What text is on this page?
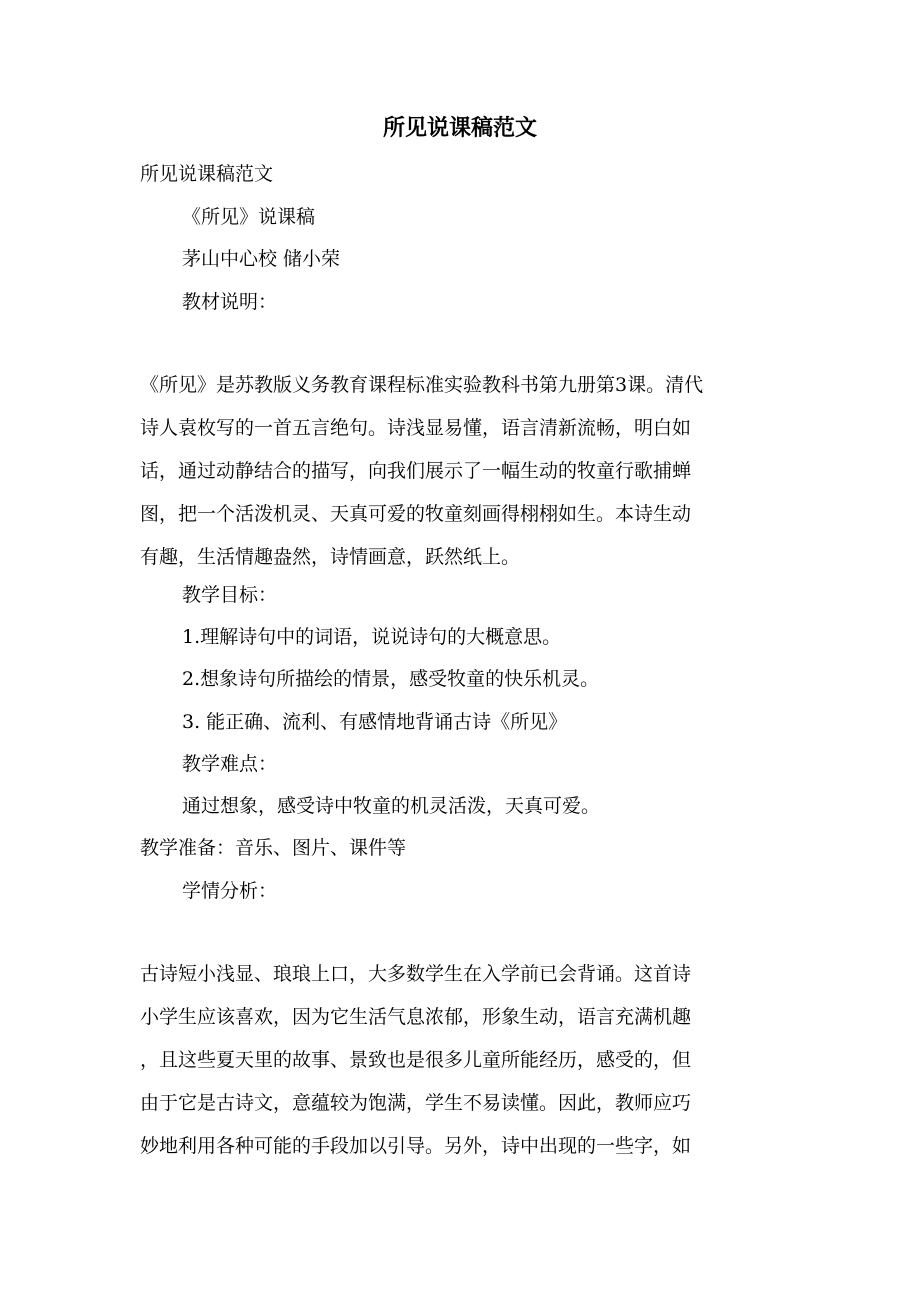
所见说课稿范文
所见说课稿范文
《所见》说课稿
茅山中心校 储小荣
教材说明：
《所见》是苏教版义务教育课程标准实验教科书第九册第3课。清代
诗人袁枚写的一首五言绝句。诗浅显易懂，语言清新流畅，明白如
话，通过动静结合的描写，向我们展示了一幅生动的牧童行歌捕蝉
图，把一个活泼机灵、天真可爱的牧童刻画得栩栩如生。本诗生动
有趣，生活情趣盎然，诗情画意，跃然纸上。
教学目标：
1.理解诗句中的词语，说说诗句的大概意思。
2.想象诗句所描绘的情景，感受牧童的快乐机灵。
3. 能正确、流利、有感情地背诵古诗《所见》
教学难点：
通过想象，感受诗中牧童的机灵活泼，天真可爱。
教学准备：音乐、图片、课件等
学情分析：
古诗短小浅显、琅琅上口，大多数学生在入学前已会背诵。这首诗
小学生应该喜欢，因为它生活气息浓郁，形象生动，语言充满机趣
，且这些夏天里的故事、景致也是很多儿童所能经历，感受的，但
由于它是古诗文，意蕴较为饱满，学生不易读懂。因此，教师应巧
妙地利用各种可能的手段加以引导。另外，诗中出现的一些字，如
